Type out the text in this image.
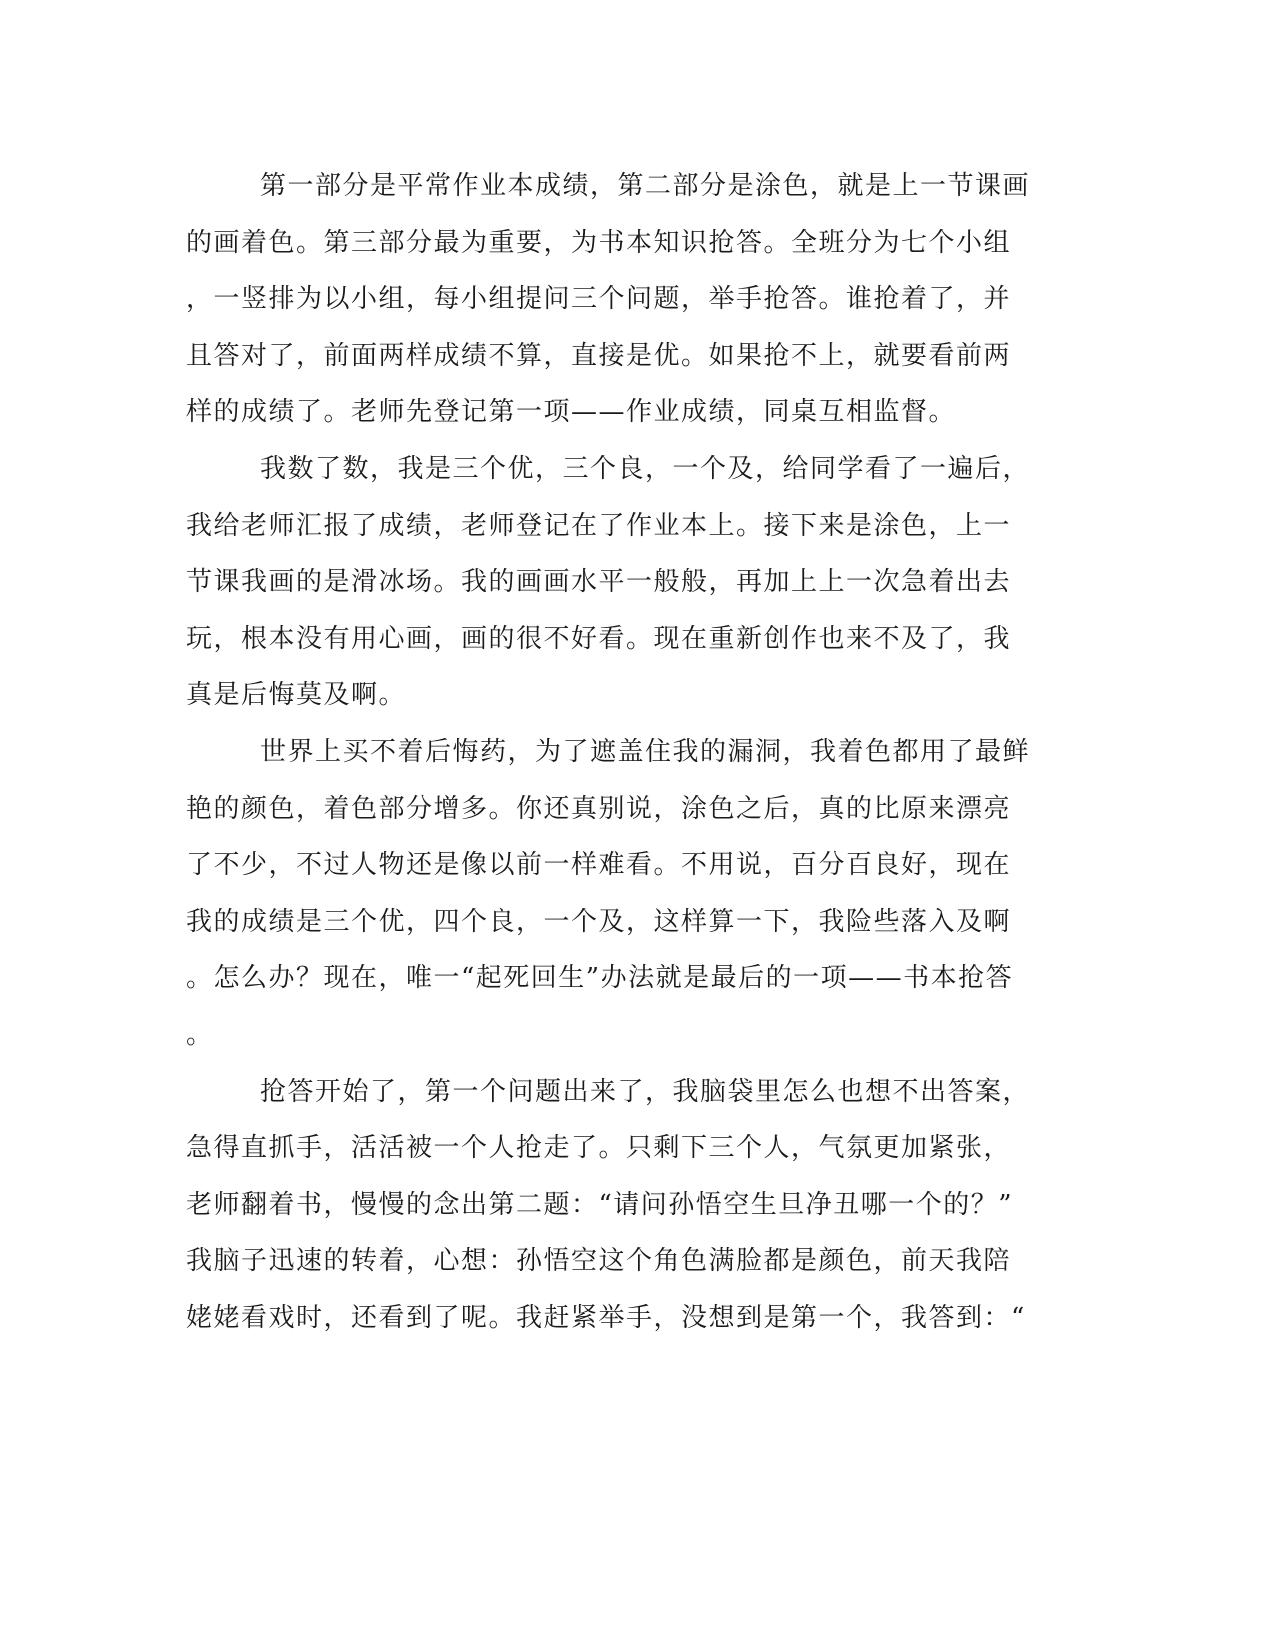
第一部分是平常作业本成绩，第二部分是涂色，就是上一节课画
的画着色。第三部分最为重要，为书本知识抢答。全班分为七个小组
，一竖排为以小组，每小组提问三个问题，举手抢答。谁抢着了，并
且答对了，前面两样成绩不算，直接是优。如果抢不上，就要看前两
样的成绩了。老师先登记第一项——作业成绩，同桌互相监督。
我数了数，我是三个优，三个良，一个及，给同学看了一遍后，
我给老师汇报了成绩，老师登记在了作业本上。接下来是涂色，上一
节课我画的是滑冰场。我的画画水平一般般，再加上上一次急着出去
玩，根本没有用心画，画的很不好看。现在重新创作也来不及了，我
真是后悔莫及啊。
世界上买不着后悔药，为了遮盖住我的漏洞，我着色都用了最鲜
艳的颜色，着色部分增多。你还真别说，涂色之后，真的比原来漂亮
了不少，不过人物还是像以前一样难看。不用说，百分百良好，现在
我的成绩是三个优，四个良，一个及，这样算一下，我险些落入及啊
。怎么办？现在，唯一“起死回生”办法就是最后的一项——书本抢答
。
抢答开始了，第一个问题出来了，我脑袋里怎么也想不出答案，
急得直抓手，活活被一个人抢走了。只剩下三个人，气氛更加紧张，
老师翻着书，慢慢的念出第二题：“请问孙悟空生旦净丑哪一个的？”
我脑子迅速的转着，心想：孙悟空这个角色满脸都是颜色，前天我陪
姥姥看戏时，还看到了呢。我赶紧举手，没想到是第一个，我答到：“
